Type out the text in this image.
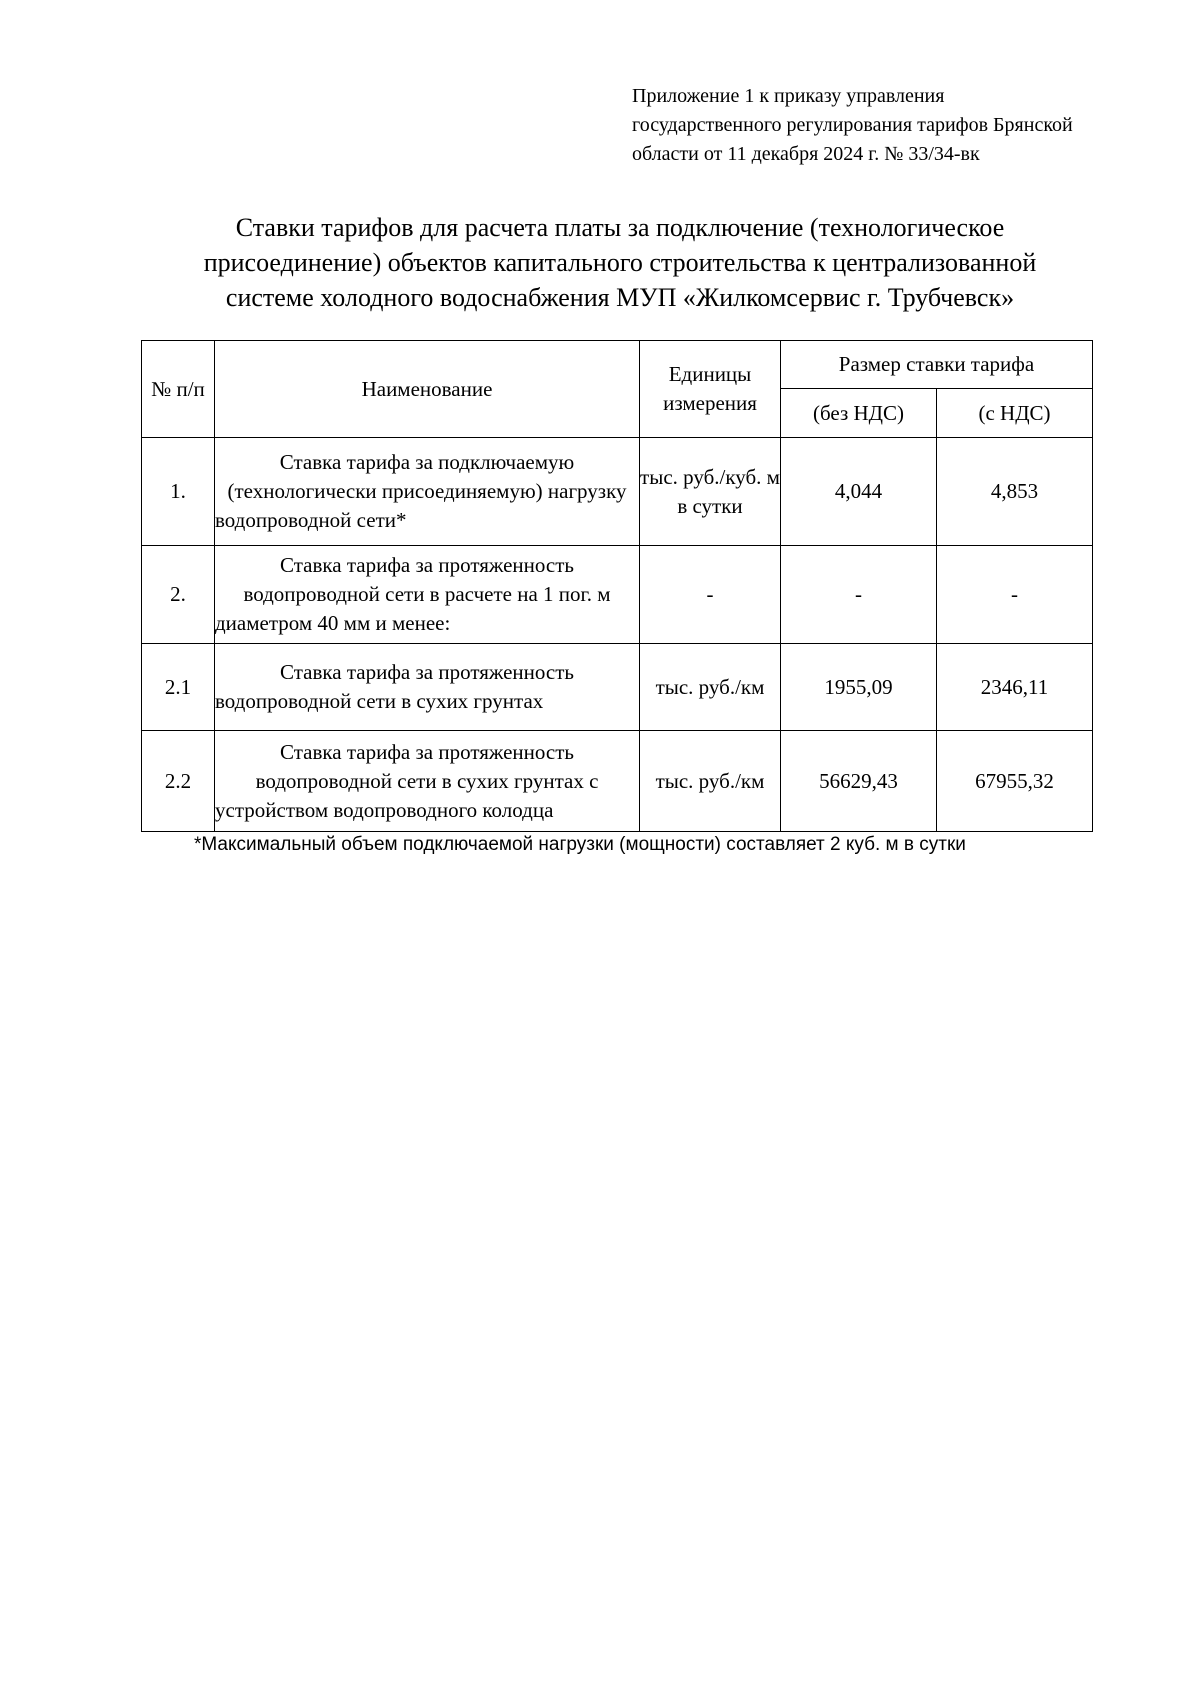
Приложение 1 к приказу управления
государственного регулирования тарифов Брянской
области от 11 декабря 2024 г. № 33/34-вк
Ставки тарифов для расчета платы за подключение (технологическое
присоединение) объектов капитального строительства к централизованной
системе холодного водоснабжения МУП «Жилкомсервис г. Трубчевск»
№ п/п	Наименование	Единицы измерения	Размер ставки тарифа	
			(без НДС)	(с НДС)
1.	Ставка тарифа за подключаемую (технологически присоединяемую) нагрузку водопроводной сети*	тыс. руб./куб. м в сутки	4,044	4,853
2.	Ставка тарифа за протяженность водопроводной сети в расчете на 1 пог. м диаметром 40 мм и менее:	-	-	-
2.1	Ставка тарифа за протяженность водопроводной сети в сухих грунтах	тыс. руб./км	1955,09	2346,11
2.2	Ставка тарифа за протяженность водопроводной сети в сухих грунтах с устройством водопроводного колодца	тыс. руб./км	56629,43	67955,32
*Максимальный объем подключаемой нагрузки (мощности) составляет 2 куб. м в сутки
